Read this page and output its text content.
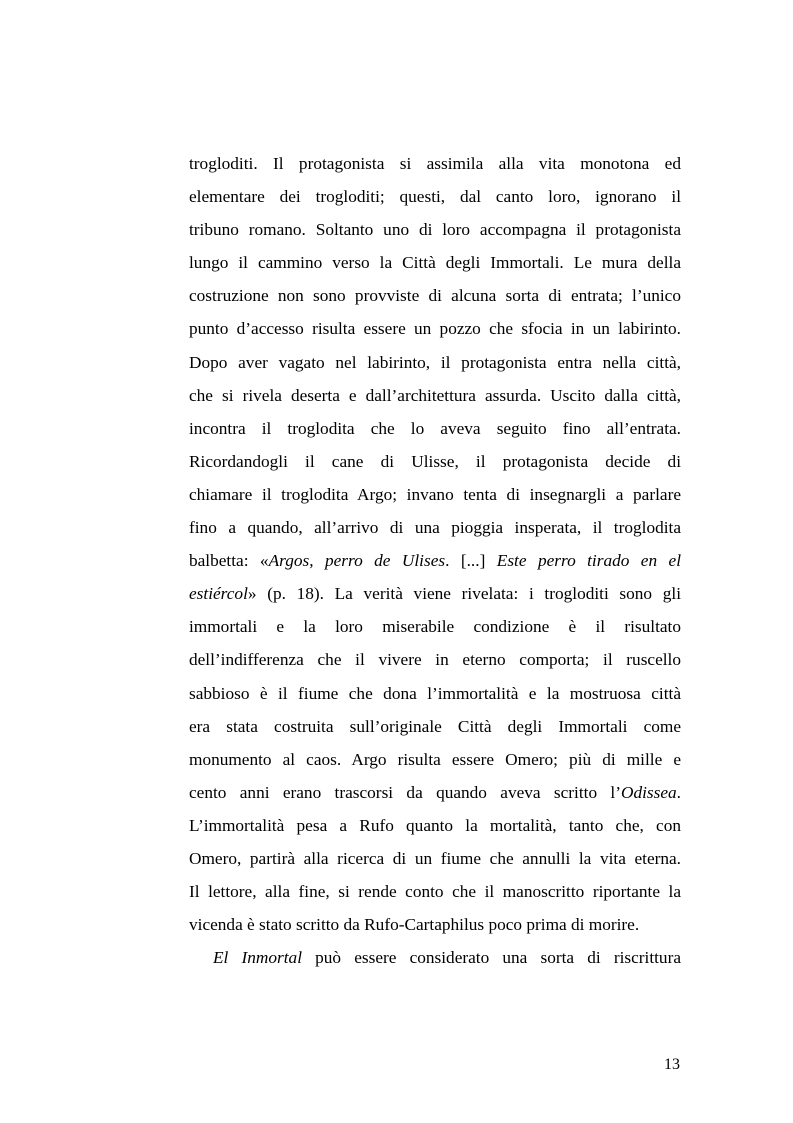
trogloditi. Il protagonista si assimila alla vita monotona ed
elementare dei trogloditi; questi, dal canto loro, ignorano il
tribuno romano. Soltanto uno di loro accompagna il protagonista
lungo il cammino verso la Città degli Immortali. Le mura della
costruzione non sono provviste di alcuna sorta di entrata; l’unico
punto d’accesso risulta essere un pozzo che sfocia in un labirinto.
Dopo aver vagato nel labirinto, il protagonista entra nella città,
che si rivela deserta e dall’architettura assurda. Uscito dalla città,
incontra il troglodita che lo aveva seguito fino all’entrata.
Ricordandogli il cane di Ulisse, il protagonista decide di
chiamare il troglodita Argo; invano tenta di insegnargli a parlare
fino a quando, all’arrivo di una pioggia insperata, il troglodita
balbetta: «Argos, perro de Ulises. [...] Este perro tirado en el
estiércol» (p. 18). La verità viene rivelata: i trogloditi sono gli
immortali e la loro miserabile condizione è il risultato
dell’indifferenza che il vivere in eterno comporta; il ruscello
sabbioso è il fiume che dona l’immortalità e la mostruosa città
era stata costruita sull’originale Città degli Immortali come
monumento al caos. Argo risulta essere Omero; più di mille e
cento anni erano trascorsi da quando aveva scritto l’Odissea.
L’immortalità pesa a Rufo quanto la mortalità, tanto che, con
Omero, partirà alla ricerca di un fiume che annulli la vita eterna.
Il lettore, alla fine, si rende conto che il manoscritto riportante la
vicenda è stato scritto da Rufo-Cartaphilus poco prima di morire.
El Inmortal può essere considerato una sorta di riscrittura
13
